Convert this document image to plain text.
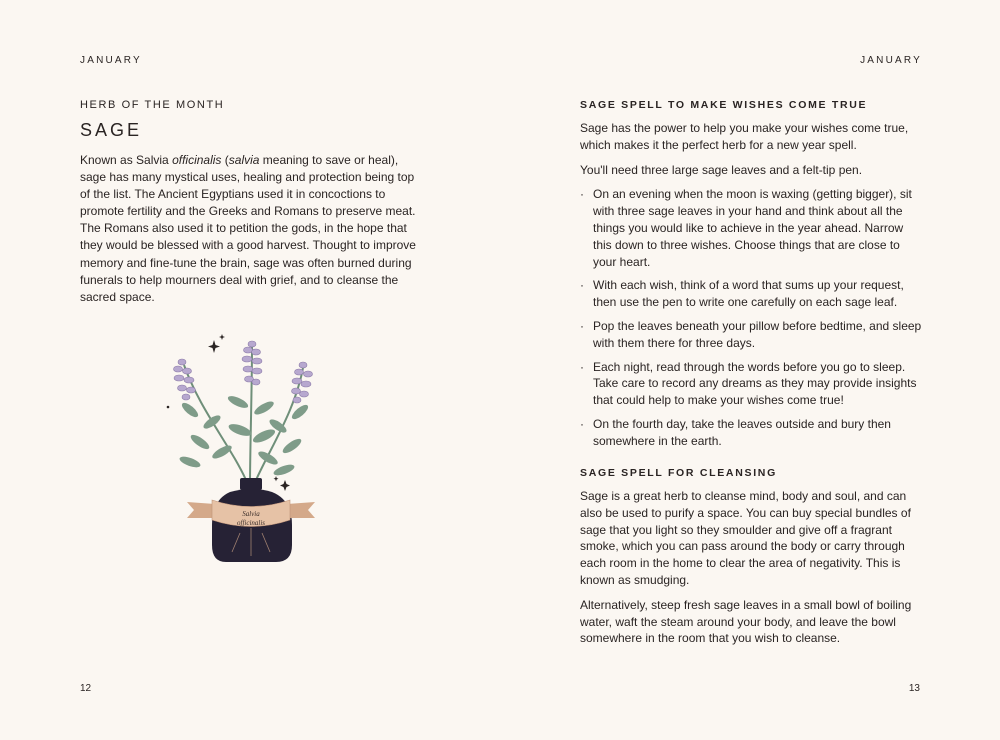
JANUARY
HERB OF THE MONTH
SAGE

Known as Salvia officinalis (salvia meaning to save or heal), sage has many mystical uses, healing and protection being top of the list. The Ancient Egyptians used it in concoctions to promote fertility and the Greeks and Romans to preserve meat. The Romans also used it to petition the gods, in the hope that they would be blessed with a good harvest. Thought to improve memory and fine-tune the brain, sage was often burned during funerals to help mourners deal with grief, and to cleanse the sacred space.

Salvia
officinalis
12
JANUARY
SAGE SPELL TO MAKE WISHES COME TRUE

Sage has the power to help you make your wishes come true, which makes it the perfect herb for a new year spell.

You'll need three large sage leaves and a felt-tip pen.

· On an evening when the moon is waxing (getting bigger), sit with three sage leaves in your hand and think about all the things you would like to achieve in the year ahead. Narrow this down to three wishes. Choose things that are close to your heart.
· With each wish, think of a word that sums up your request, then use the pen to write one carefully on each sage leaf.
· Pop the leaves beneath your pillow before bedtime, and sleep with them there for three days.
· Each night, read through the words before you go to sleep. Take care to record any dreams as they may provide insights that could help to make your wishes come true!
· On the fourth day, take the leaves outside and bury then somewhere in the earth.
SAGE SPELL FOR CLEANSING

Sage is a great herb to cleanse mind, body and soul, and can also be used to purify a space. You can buy special bundles of sage that you light so they smoulder and give off a fragrant smoke, which you can pass around the body or carry through each room in the home to clear the area of negativity. This is known as smudging.

Alternatively, steep fresh sage leaves in a small bowl of boiling water, waft the steam around your body, and leave the bowl somewhere in the room that you wish to cleanse.

13
